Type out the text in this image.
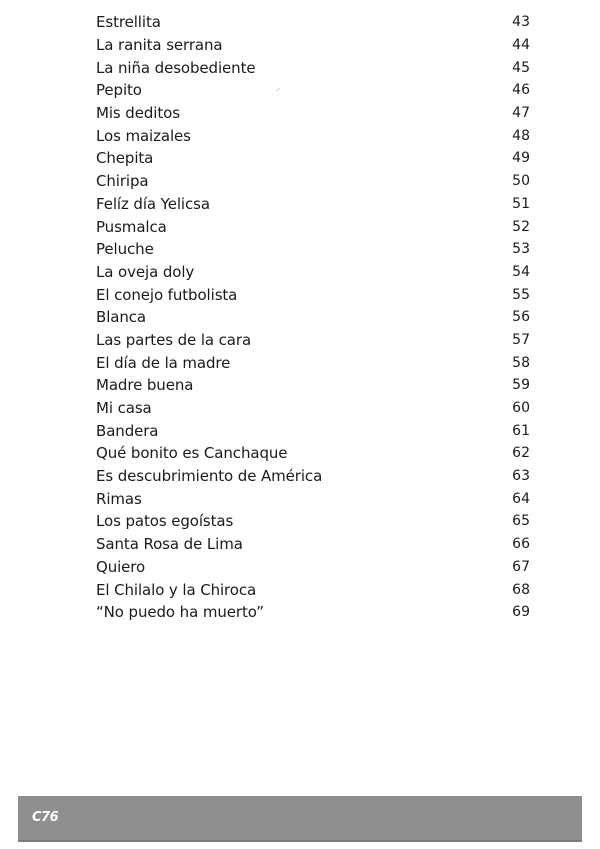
Estrellita	43
La ranita serrana	44
La niña desobediente	45
Pepito	46
Mis deditos	47
Los maizales	48
Chepita	49
Chiripa	50
Felíz día Yelicsa	51
Pusmalca	52
Peluche	53
La oveja doly	54
El conejo futbolista	55
Blanca	56
Las partes de la cara	57
El día de la madre	58
Madre buena	59
Mi casa	60
Bandera	61
Qué bonito es Canchaque	62
Es descubrimiento de América	63
Rimas	64
Los patos egoístas	65
Santa Rosa de Lima	66
Quiero	67
El Chilalo y la Chiroca	68
“No puedo ha muerto”	69
C76
